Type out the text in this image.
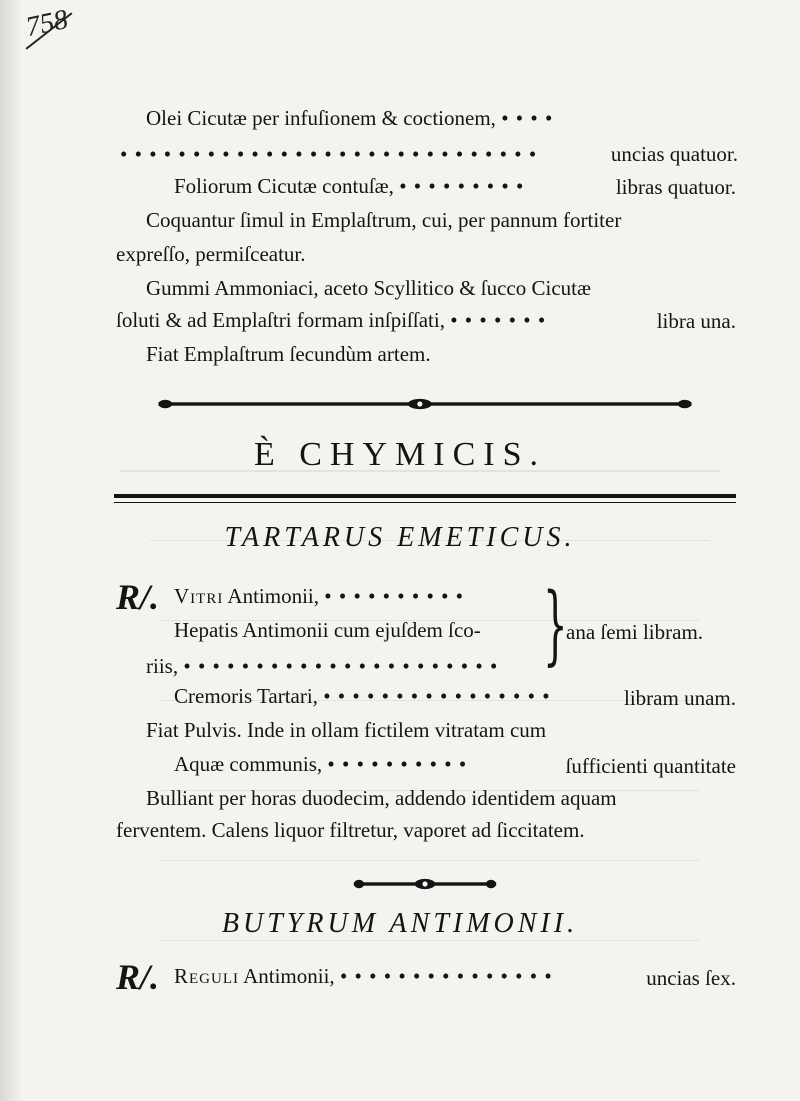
758
Olei Cicutæ per infuſionem & coctionem, • • • •
• • • • • • • • • • • • • • • • • • • • • • • • • • • • •	uncias quatuor.
Foliorum Cicutæ contuſæ, • • • • • • • • •	libras quatuor.
Coquantur ſimul in Emplaſtrum, cui, per pannum fortiter
expreſſo, permiſceatur.
Gummi Ammoniaci, aceto Scyllitico & ſucco Cicutæ
ſoluti & ad Emplaſtri formam inſpiſſati, • • • • • • •	libra una.
Fiat Emplaſtrum ſecundùm artem.
È CHYMICIS.
TARTARUS EMETICUS.
R/. Vitri Antimonii, • • • • • • • • • •
Hepatis Antimonii cum ejuſdem ſco-
riis, • • • • • • • • • • • • • • • • • • • • • • }
ana ſemi libram.
Cremoris Tartari, • • • • • • • • • • • • • • • •	libram unam.
Fiat Pulvis. Inde in ollam fictilem vitratam cum
Aquæ communis, • • • • • • • • • •	ſufficienti quantitate
Bulliant per horas duodecim, addendo identidem aquam
ferventem. Calens liquor filtretur, vaporet ad ſiccitatem.
BUTYRUM ANTIMONII.
R/. Reguli Antimonii, • • • • • • • • • • • • • • •	uncias ſex.
